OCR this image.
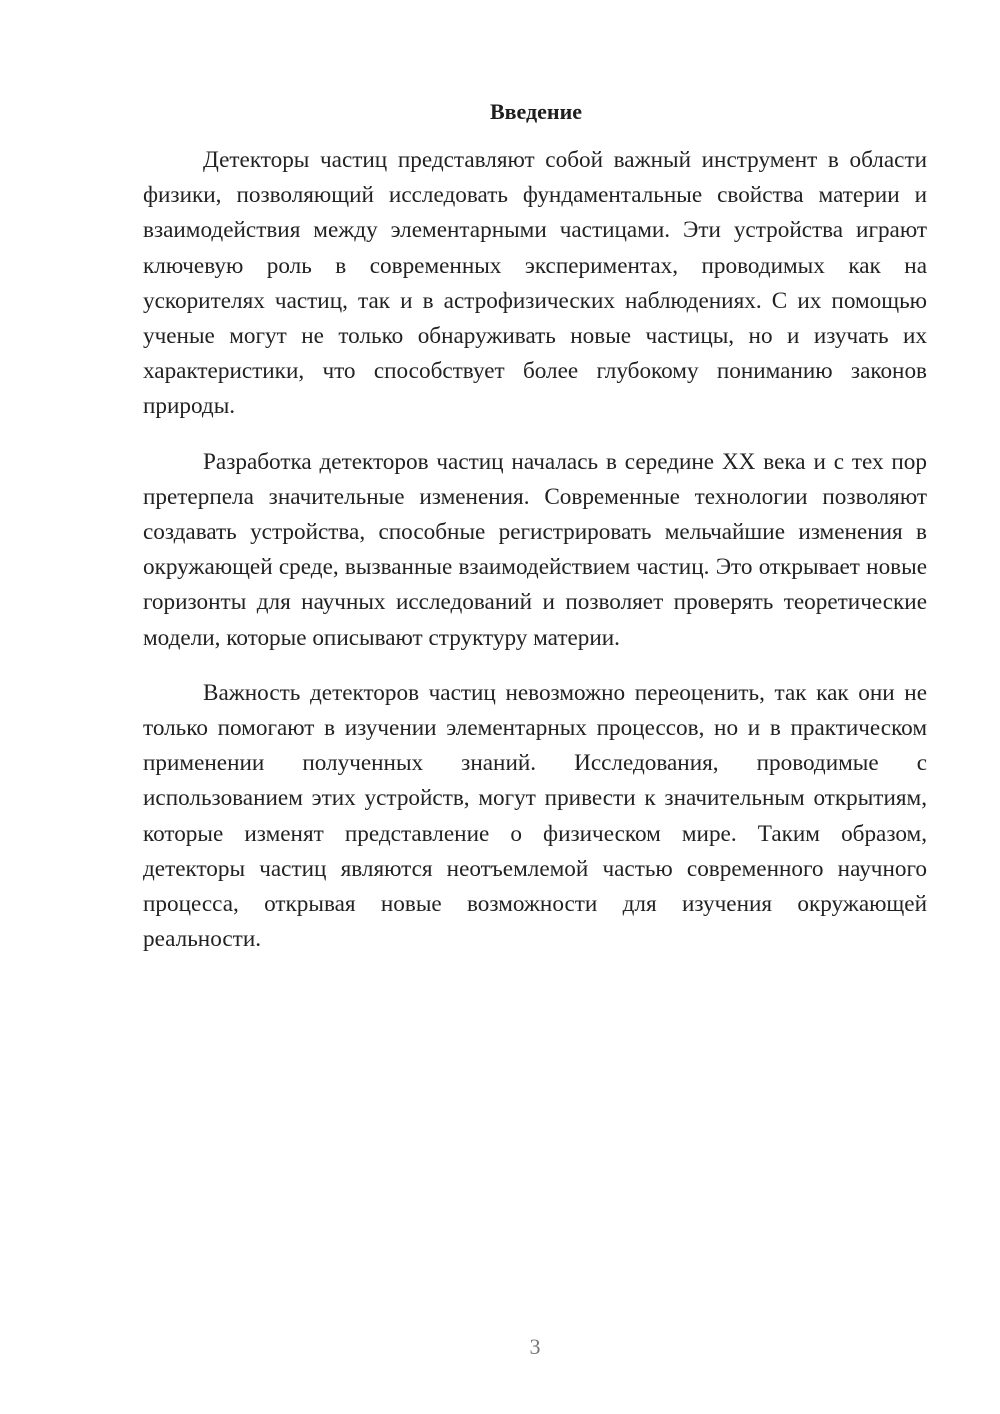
Введение

Детекторы частиц представляют собой важный инструмент в области физики, позволяющий исследовать фундаментальные свойства материи и взаимодействия между элементарными частицами. Эти устройства играют ключевую роль в современных экспериментах, проводимых как на ускорителях частиц, так и в астрофизических наблюдениях. С их помощью ученые могут не только обнаруживать новые частицы, но и изучать их характеристики, что способствует более глубокому пониманию законов природы.

Разработка детекторов частиц началась в середине XX века и с тех пор претерпела значительные изменения. Современные технологии позволяют создавать устройства, способные регистрировать мельчайшие изменения в окружающей среде, вызванные взаимодействием частиц. Это открывает новые горизонты для научных исследований и позволяет проверять теоретические модели, которые описывают структуру материи.

Важность детекторов частиц невозможно переоценить, так как они не только помогают в изучении элементарных процессов, но и в практическом применении полученных знаний. Исследования, проводимые с использованием этих устройств, могут привести к значительным открытиям, которые изменят представление о физическом мире. Таким образом, детекторы частиц являются неотъемлемой частью современного научного процесса, открывая новые возможности для изучения окружающей реальности.

3
